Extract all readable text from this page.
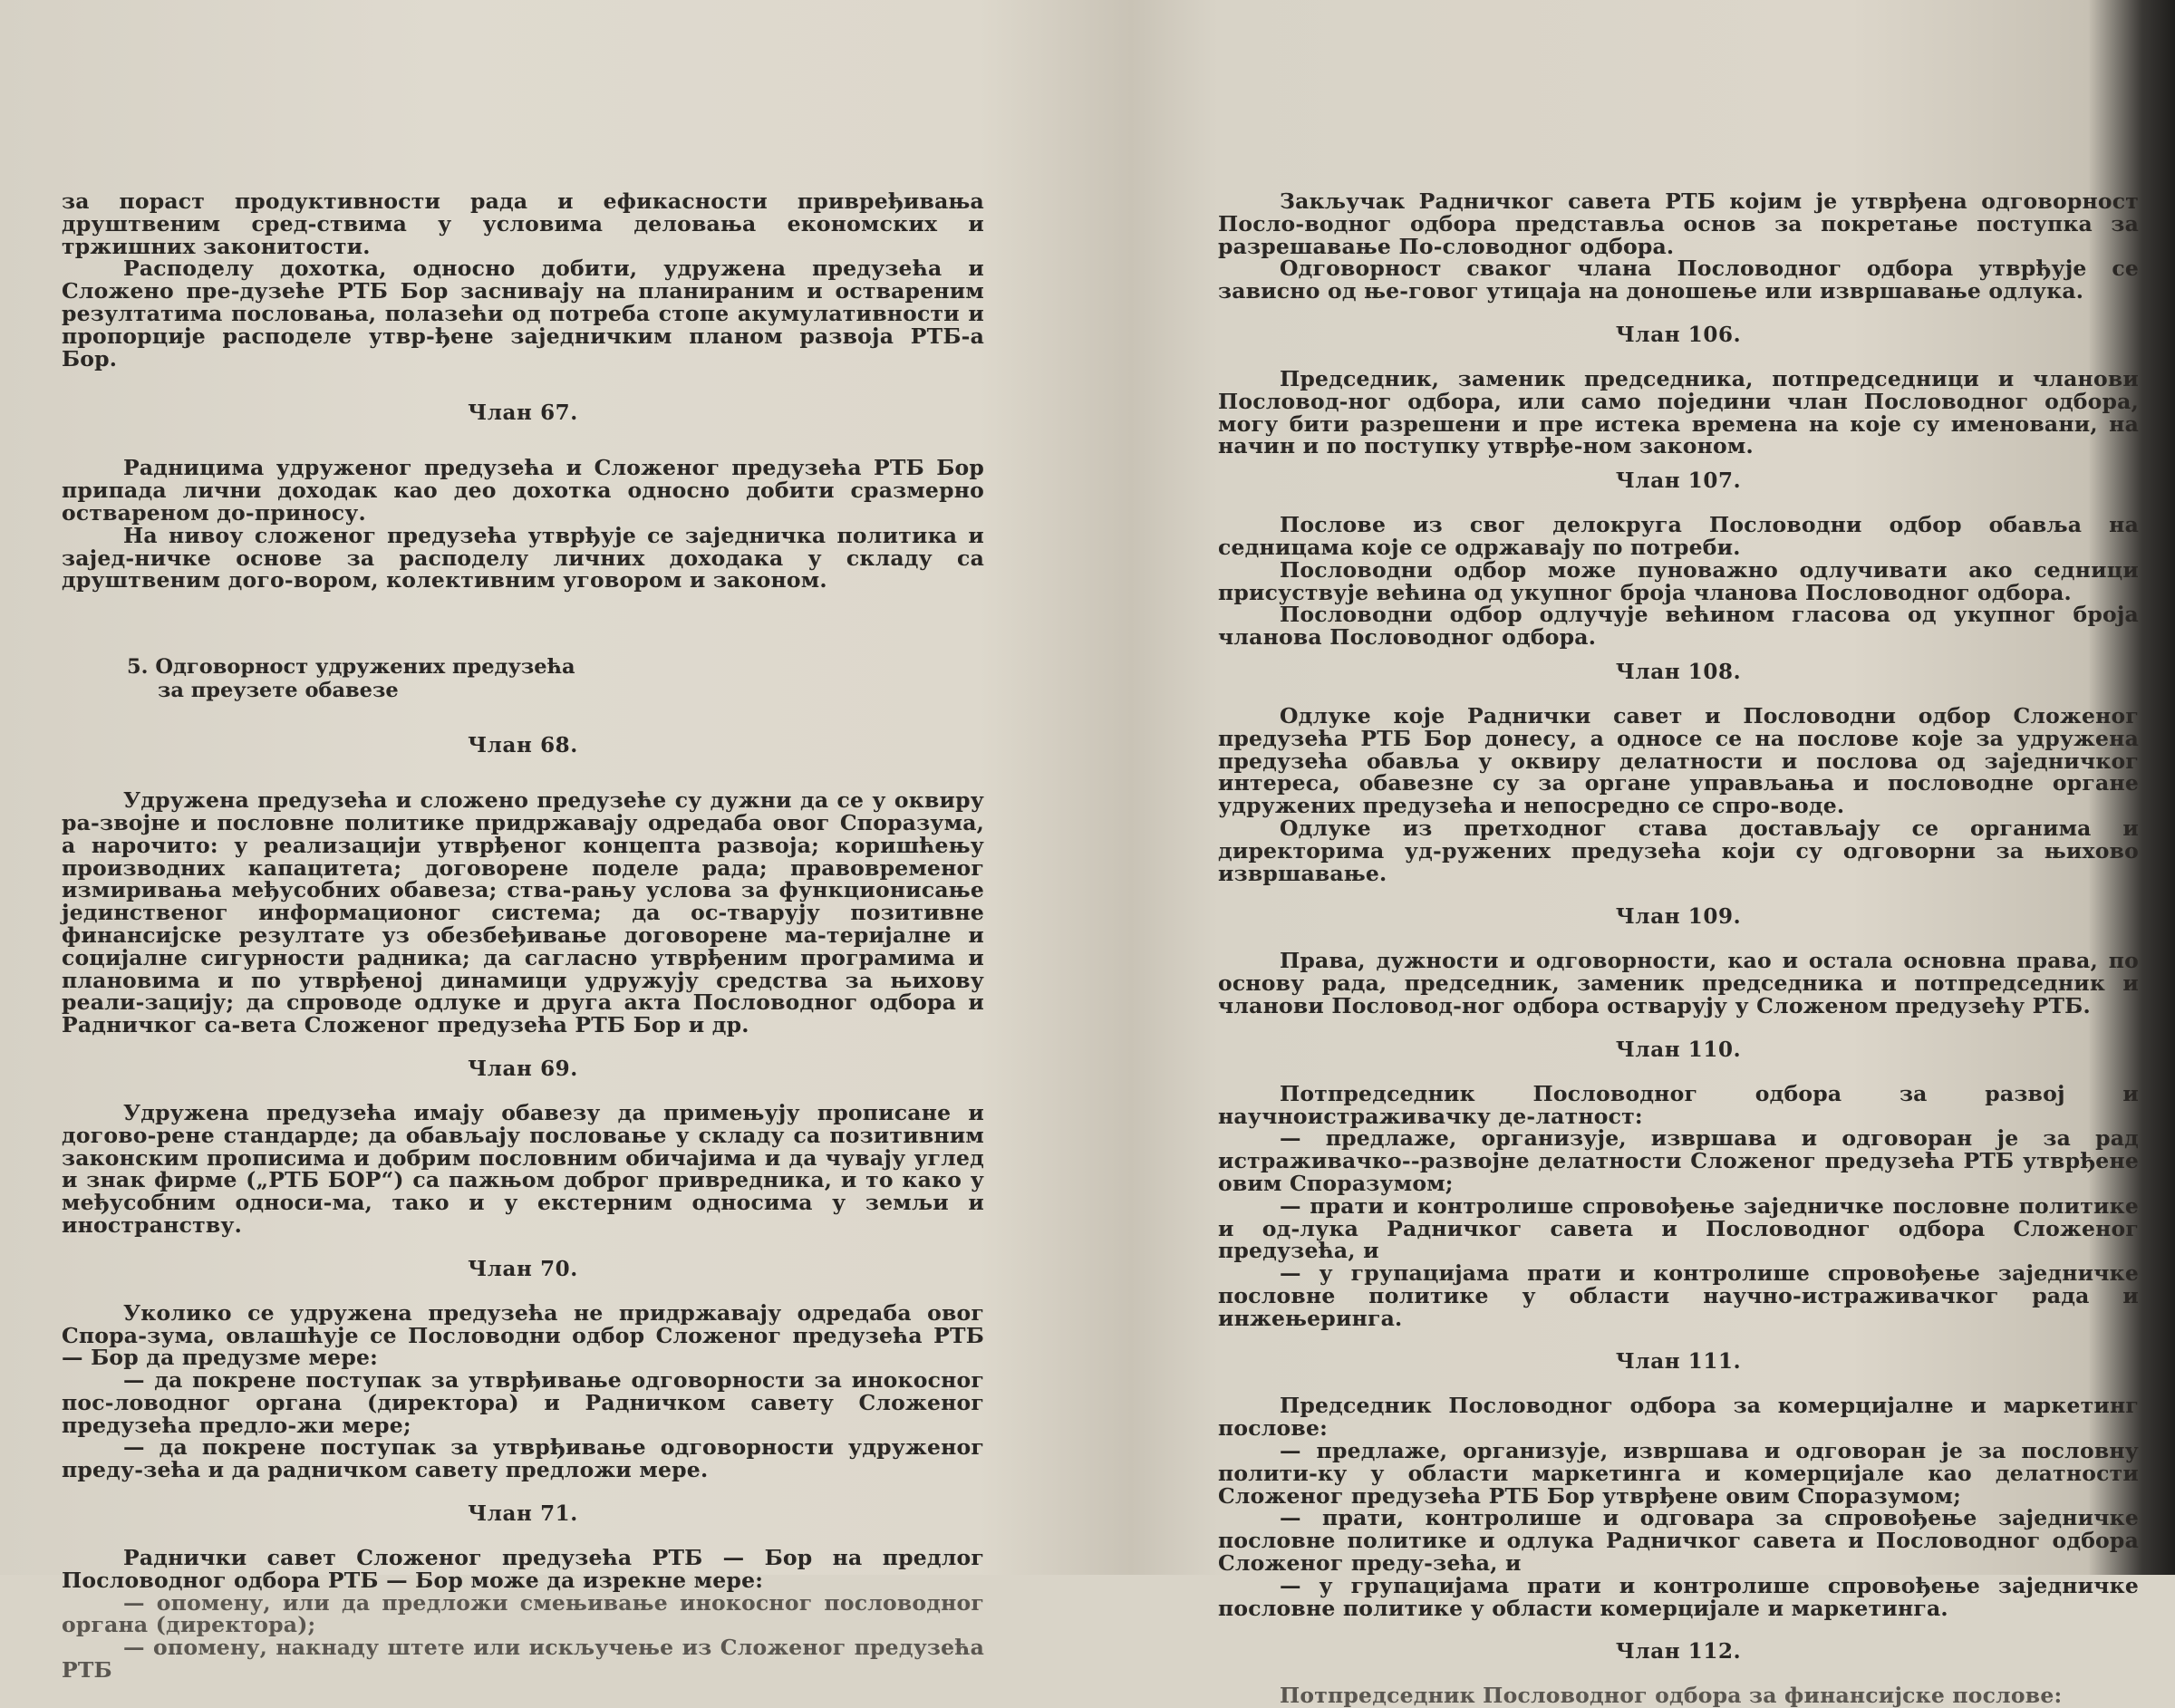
за пораст продуктивности рада и ефикасности привређивања друштвеним сред-ствима у условима деловања економских и тржишних законитости.

Расподелу дохотка, односно добити, удружена предузећа и Сложено пре-дузеће РТБ Бор заснивају на планираним и оствареним резултатима пословања, полазећи од потреба стопе акумулативности и пропорције расподеле утвр-ђене заједничким планом развоја РТБ-а Бор.

Члан 67.

Радницима удруженог предузећа и Сложеног предузећа РТБ Бор припада лични доходак као део дохотка односно добити сразмерно оствареном до-приносу.

На нивоу сложеног предузећа утврђује се заједничка политика и зајед-ничке основе за расподелу личних доходака у складу са друштвеним дого-вором, колективним уговором и законом.

5. Одговорност удружених предузећа
за преузете обавезе

Члан 68.

Удружена предузећа и сложено предузеће су дужни да се у оквиру ра-звојне и пословне политике придржавају одредаба овог Споразума, а нарочито: у реализацији утврђеног концепта развоја; коришћењу производних капацитета; договорене поделе рада; правовременог измиривања међусобних обавеза; ства-рању услова за функционисање јединственог информационог система; да ос-тварују позитивне финансијске резултате уз обезбеђивање договорене ма-теријалне и социјалне сигурности радника; да сагласно утврђеним програмима и плановима и по утврђеној динамици удружују средства за њихову реали-зацију; да спроводе одлуке и друга акта Пословодног одбора и Радничког са-вета Сложеног предузећа РТБ Бор и др.

Члан 69.

Удружена предузећа имају обавезу да примењују прописане и догово-рене стандарде; да обављају пословање у складу са позитивним законским прописима и добрим пословним обичајима и да чувају углед и знак фирме („РТБ БОР“) са пажњом доброг привредника, и то како у међусобним односи-ма, тако и у екстерним односима у земљи и иностранству.

Члан 70.

Уколико се удружена предузећа не придржавају одредаба овог Спора-зума, овлашћује се Пословодни одбор Сложеног предузећа РТБ — Бор да предузме мере:

— да покрене поступак за утврђивање одговорности за инокосног пос-ловодног органа (директора) и Радничком савету Сложеног предузећа предло-жи мере;

— да покрене поступак за утврђивање одговорности удруженог преду-зећа и да радничком савету предложи мере.

Члан 71.

Раднички савет Сложеног предузећа РТБ — Бор на предлог Пословодног одбора РТБ — Бор може да изрекне мере:

— опомену, или да предложи смењивање инокосног пословодног органа (директора);

— опомену, накнаду штете или искључење из Сложеног предузећа РТБ

Закључак Радничког савета РТБ којим је утврђена одговорност Посло-водног одбора представља основ за покретање поступка за разрешавање По-словодног одбора.

Одговорност сваког члана Пословодног одбора утврђује се зависно од ње-говог утицаја на доношење или извршавање одлука.

Члан 106.

Председник, заменик председника, потпредседници и чланови Пословод-ног одбора, или само поједини члан Пословодног одбора, могу бити разрешени и пре истека времена на које су именовани, на начин и по поступку утврђе-ном законом.

Члан 107.

Послове из свог делокруга Пословодни одбор обавља на седницама које се одржавају по потреби.

Пословодни одбор може пуноважно одлучивати ако седници присуствује већина од укупног броја чланова Пословодног одбора.

Пословодни одбор одлучује већином гласова од укупног броја чланова Пословодног одбора.

Члан 108.

Одлуке које Раднички савет и Пословодни одбор Сложеног предузећа РТБ Бор донесу, а односе се на послове које за удружена предузећа обавља у оквиру делатности и послова од заједничког интереса, обавезне су за органе управљања и пословодне органе удружених предузећа и непосредно се спро-воде.

Одлуке из претходног става достављају се органима и директорима уд-ружених предузећа који су одговорни за њихово извршавање.

Члан 109.

Права, дужности и одговорности, као и остала основна права, по основу рада, председник, заменик председника и потпредседник и чланови Пословод-ног одбора остварују у Сложеном предузећу РТБ.

Члан 110.

Потпредседник Пословодног одбора за развој и научноистраживачку де-латност:

— предлаже, организује, извршава и одговоран је за рад истраживачко--развојне делатности Сложеног предузећа РТБ утврђене овим Споразумом;

— прати и контролише спровођење заједничке пословне политике и од-лука Радничког савета и Пословодног одбора Сложеног предузећа, и

— у групацијама прати и контролише спровођење заједничке пословне политике у области научно-истраживачког рада и инжењеринга.

Члан 111.

Председник Пословодног одбора за комерцијалне и маркетинг послове:

— предлаже, организује, извршава и одговоран је за пословну полити-ку у области маркетинга и комерцијале као делатности Сложеног предузећа РТБ Бор утврђене овим Споразумом;

— прати, контролише и одговара за спровођење заједничке пословне политике и одлука Радничког савета и Пословодног одбора Сложеног преду-зећа, и

— у групацијама прати и контролише спровођење заједничке пословне политике у области комерцијале и маркетинга.

Члан 112.

Потпредседник Пословодног одбора за финансијске послове:
